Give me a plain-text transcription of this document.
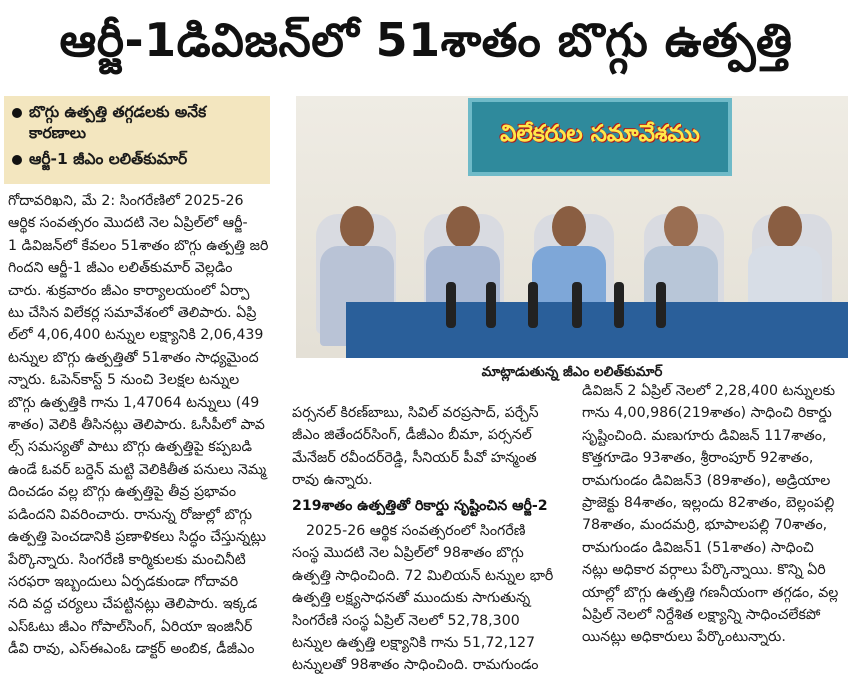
ఆర్జీ-1డివిజన్‌లో 51శాతం బొగ్గు ఉత్పత్తి
బొగ్గు ఉత్పత్తి తగ్గడలకు అనేక
కారణాలు
ఆర్జీ-1 జీఎం లలిత్‌కుమార్
విలేకరుల సమావేశము
మాట్లాడుతున్న జీఎం లలిత్‌కుమార్
గోదావరిఖని, మే 2: సింగరేణిలో 2025-26
ఆర్థిక సంవత్సరం మొదటి నెల ఏప్రిల్‌లో ఆర్జీ-
1 డివిజన్‌లో కేవలం 51శాతం బొగ్గు ఉత్పత్తి జరి
గిందని ఆర్జీ-1 జీఎం లలిత్‌కుమార్ వెల్లడిం
చారు. శుక్రవారం జీఎం కార్యాలయంలో ఏర్పా
టు చేసిన విలేకర్ల సమావేశంలో తెలిపారు. ఏప్రి
ల్‌లో 4,06,400 టన్నుల లక్ష్యానికి 2,06,439
టన్నుల బొగ్గు ఉత్పత్తితో 51శాతం సాధ్యమైంద
న్నారు. ఓపెన్‌కాస్ట్ 5 నుంచి 3లక్షల టన్నుల
బొగ్గు ఉత్పత్తికి గాను 1,47064 టన్నులు (49
శాతం) వెలికి తీసినట్లు తెలిపారు. ఓసీపీలో పావ
ల్స్ సమస్యతో పాటు బొగ్గు ఉత్పత్తిపై కప్పబడి
ఉండే ఓవర్ బర్డెన్ మట్టి వెలికితీత పనులు నెమ్మ
దించడం వల్ల బొగ్గు ఉత్పత్తిపై తీవ్ర ప్రభావం
పడిందని వివరించారు. రానున్న రోజుల్లో బొగ్గు
ఉత్పత్తి పెంచడానికి ప్రణాళికలు సిద్ధం చేస్తున్నట్లు
పేర్కొన్నారు. సింగరేణి కార్మికులకు మంచినీటి
సరఫరా ఇబ్బందులు ఏర్పడకుండా గోదావరి
నది వద్ద చర్యలు చేపట్టినట్లు తెలిపారు. ఇక్కడ
ఎస్ఓటు జీఎం గోపాల్‌సింగ్, ఏరియా ఇంజినీర్
డీవి రావు, ఎస్ఈఎంఓ డాక్టర్ అంబిక, డీజీఎం
పర్సనల్ కిరణ్‌బాబు, సివిల్ వరప్రసాద్, పర్చేస్
జీఎం జితేందర్‌సింగ్, డీజీఎం బీమా, పర్సనల్
మేనేజర్ రవీందర్‌రెడ్డి, సీనియర్ పీవో హన్మంత
రావు ఉన్నారు.
219శాతం ఉత్పత్తితో రికార్డు సృష్టించిన ఆర్జీ-2
2025-26 ఆర్థిక సంవత్సరంలో సింగరేణి
సంస్థ మొదటి నెల ఏప్రిల్‌లో 98శాతం బొగ్గు
ఉత్పత్తి సాధించింది. 72 మిలియన్ టన్నుల భారీ
ఉత్పత్తి లక్ష్యసాధనతో ముందుకు సాగుతున్న
సింగరేణి సంస్థ ఏప్రిల్ నెలలో 52,78,300
టన్నుల ఉత్పత్తి లక్ష్యానికి గాను 51,72,127
టన్నులతో 98శాతం సాధించింది. రామగుండం
డివిజన్ 2 ఏప్రిల్ నెలలో 2,28,400 టన్నులకు
గాను 4,00,986(219శాతం) సాధించి రికార్డు
సృష్టించింది. మణుగూరు డివిజన్ 117శాతం,
కొత్తగూడెం 93శాతం, శ్రీరాంపూర్ 92శాతం,
రామగుండం డివిజన్3 (89శాతం), అడ్రియాల
ప్రాజెక్టు 84శాతం, ఇల్లందు 82శాతం, బెల్లంపల్లి
78శాతం, మందమర్రి, భూపాలపల్లి 70శాతం,
రామగుండం డివిజన్1 (51శాతం) సాధించి
నట్లు అధికార వర్గాలు పేర్కొన్నాయి. కొన్ని ఏరి
యాల్లో బొగ్గు ఉత్పత్తి గణనీయంగా తగ్గడం, వల్ల
ఏప్రిల్ నెలలో నిర్దేశిత లక్ష్యాన్ని సాధించలేకపో
యినట్లు అధికారులు పేర్కొంటున్నారు.
